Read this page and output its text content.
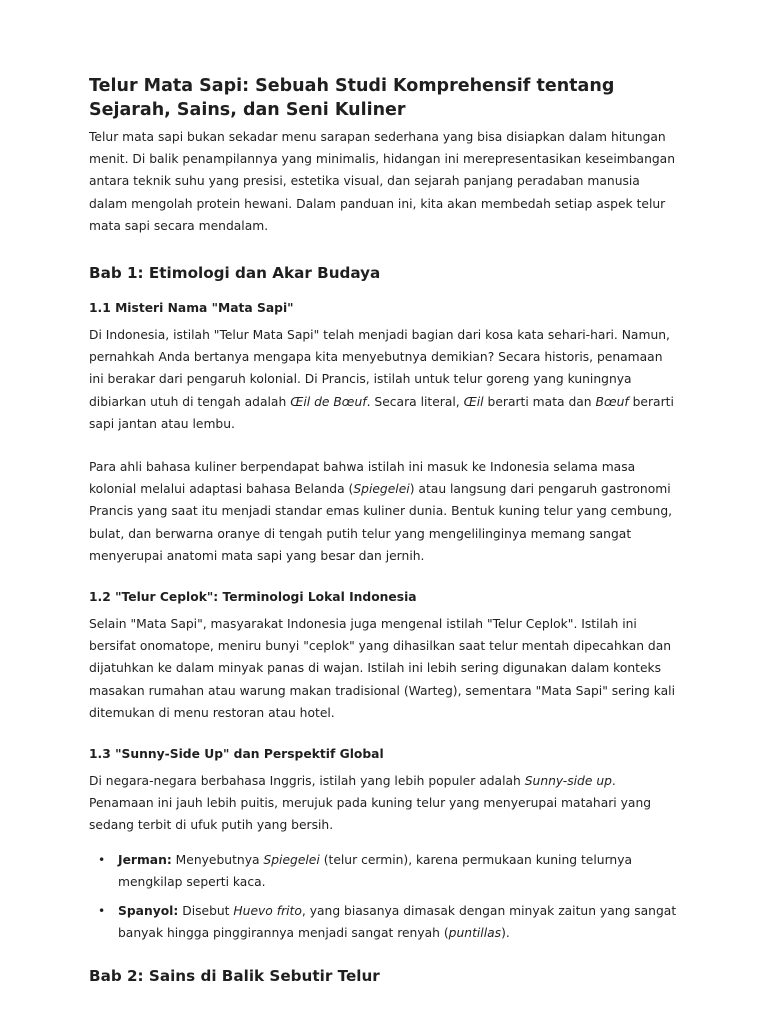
Telur Mata Sapi: Sebuah Studi Komprehensif tentang Sejarah, Sains, dan Seni Kuliner

Telur mata sapi bukan sekadar menu sarapan sederhana yang bisa disiapkan dalam hitungan menit. Di balik penampilannya yang minimalis, hidangan ini merepresentasikan keseimbangan antara teknik suhu yang presisi, estetika visual, dan sejarah panjang peradaban manusia dalam mengolah protein hewani. Dalam panduan ini, kita akan membedah setiap aspek telur mata sapi secara mendalam.

Bab 1: Etimologi dan Akar Budaya
1.1 Misteri Nama "Mata Sapi"

Di Indonesia, istilah "Telur Mata Sapi" telah menjadi bagian dari kosa kata sehari-hari. Namun, pernahkah Anda bertanya mengapa kita menyebutnya demikian? Secara historis, penamaan ini berakar dari pengaruh kolonial. Di Prancis, istilah untuk telur goreng yang kuningnya dibiarkan utuh di tengah adalah Œil de Bœuf. Secara literal, Œil berarti mata dan Bœuf berarti sapi jantan atau lembu.

Para ahli bahasa kuliner berpendapat bahwa istilah ini masuk ke Indonesia selama masa kolonial melalui adaptasi bahasa Belanda (Spiegelei) atau langsung dari pengaruh gastronomi Prancis yang saat itu menjadi standar emas kuliner dunia. Bentuk kuning telur yang cembung, bulat, dan berwarna oranye di tengah putih telur yang mengelilinginya memang sangat menyerupai anatomi mata sapi yang besar dan jernih.

1.2 "Telur Ceplok": Terminologi Lokal Indonesia

Selain "Mata Sapi", masyarakat Indonesia juga mengenal istilah "Telur Ceplok". Istilah ini bersifat onomatope, meniru bunyi "ceplok" yang dihasilkan saat telur mentah dipecahkan dan dijatuhkan ke dalam minyak panas di wajan. Istilah ini lebih sering digunakan dalam konteks masakan rumahan atau warung makan tradisional (Warteg), sementara "Mata Sapi" sering kali ditemukan di menu restoran atau hotel.

1.3 "Sunny-Side Up" dan Perspektif Global

Di negara-negara berbahasa Inggris, istilah yang lebih populer adalah Sunny-side up. Penamaan ini jauh lebih puitis, merujuk pada kuning telur yang menyerupai matahari yang sedang terbit di ufuk putih yang bersih.

• Jerman: Menyebutnya Spiegelei (telur cermin), karena permukaan kuning telurnya mengkilap seperti kaca.
• Spanyol: Disebut Huevo frito, yang biasanya dimasak dengan minyak zaitun yang sangat banyak hingga pinggirannya menjadi sangat renyah (puntillas).
Bab 2: Sains di Balik Sebutir Telur
